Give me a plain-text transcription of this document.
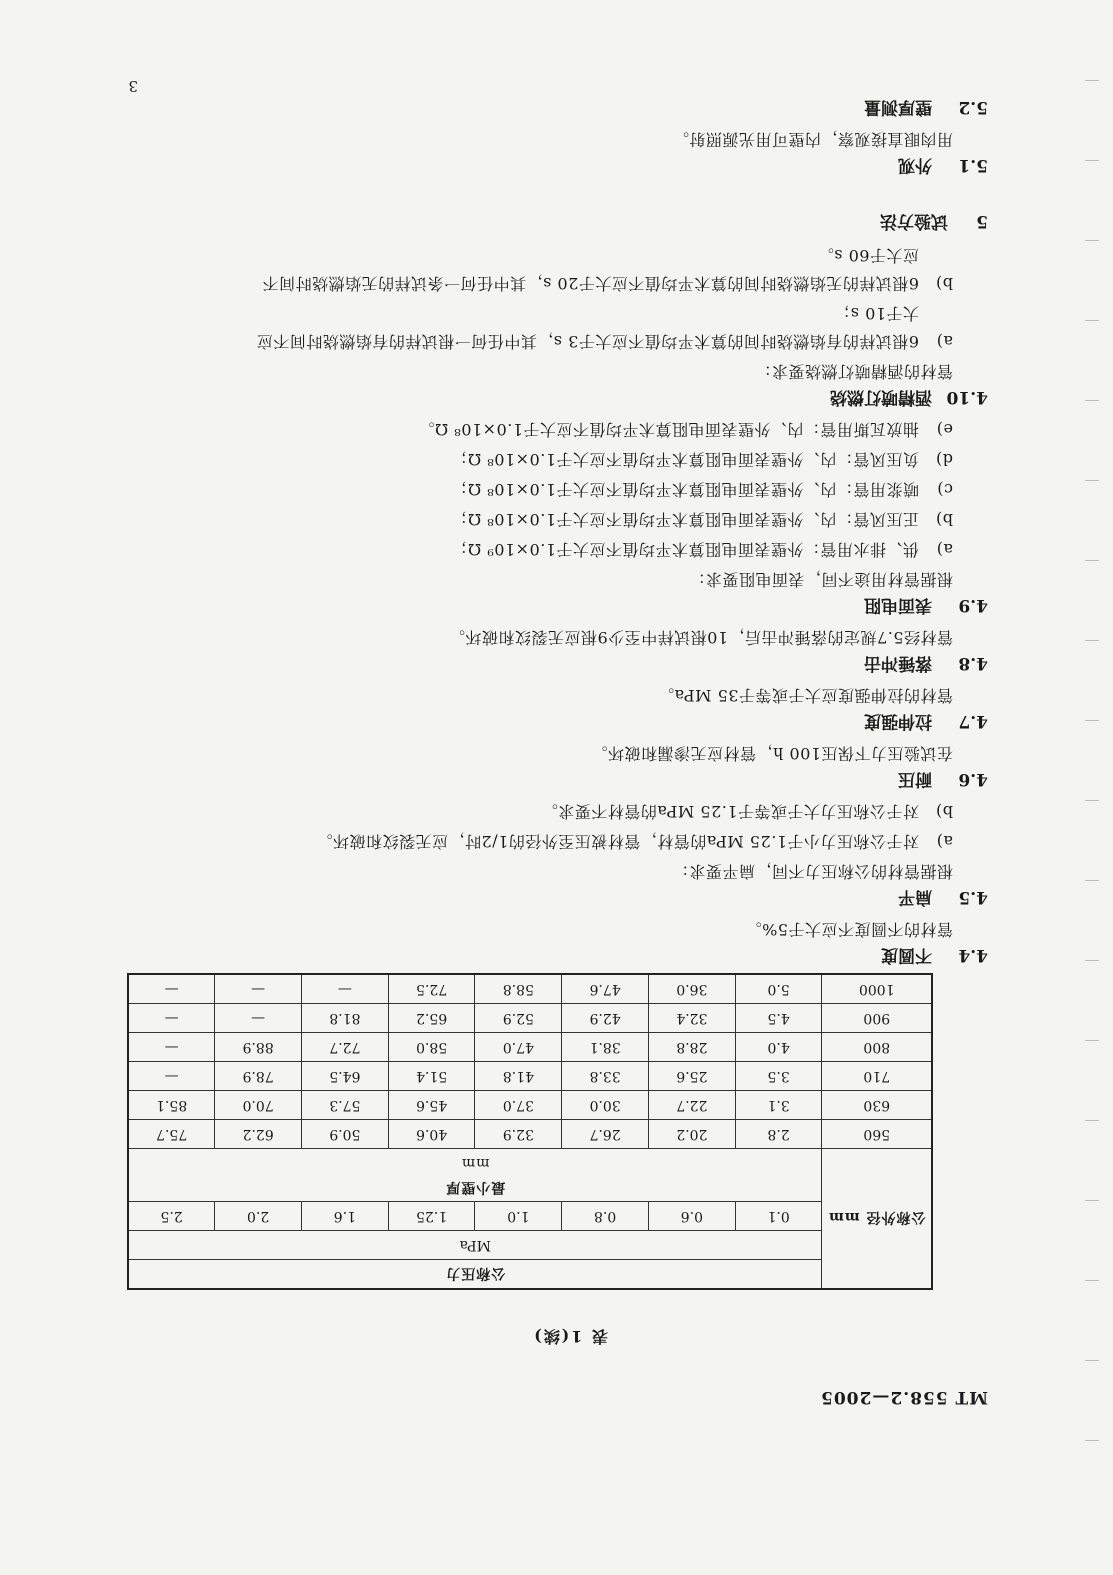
MT 558.2—2005
3
表 1(续)
公称外径 mm	公称压力							
	MPa							
	0.1	0.6	0.8	1.0	1.25	1.6	2.0	2.5
	最小壁厚
mm							
560	2.8	20.2	26.7	32.9	40.6	50.9	62.2	75.7
630	3.1	22.7	30.0	37.0	45.6	57.3	70.0	85.1
710	3.5	25.6	33.8	41.8	51.4	64.5	78.9	—
800	4.0	28.8	38.1	47.0	58.0	72.7	88.9	—
900	4.5	32.4	42.9	52.9	65.2	81.8	—	—
1000	5.0	36.0	47.6	58.8	72.5	—	—	—
4.4不圆度
管材的不圆度不应大于5%。
4.5扁平
根据管材的公称压力不同，扁平要求：
a)对于公称压力小于1.25 MPa的管材，管材被压至外径的1/2时，应无裂纹和破坏。
b)对于公称压力大于或等于1.25 MPa的管材不要求。
4.6耐压
在试验压力下保压100 h，管材应无渗漏和破坏。
4.7拉伸强度
管材的拉伸强度应大于或等于35 MPa。
4.8落锤冲击
管材经5.7规定的落锤冲击后，10根试样中至少9根应无裂纹和破坏。
4.9表面电阻
根据管材用途不同，表面电阻要求：
a)供、排水用管：外壁表面电阻算术平均值不应大于1.0×10⁹ Ω；
b)正压风管：内、外壁表面电阻算术平均值不应大于1.0×10⁸ Ω；
c)喷浆用管：内、外壁表面电阻算术平均值不应大于1.0×10⁸ Ω；
d)负压风管：内、外壁表面电阻算术平均值不应大于1.0×10⁸ Ω；
e)抽放瓦斯用管：内、外壁表面电阻算术平均值不应大于1.0×10⁸ Ω。
4.10酒精喷灯燃烧
管材的酒精喷灯燃烧要求：
a)6根试样的有焰燃烧时间的算术平均值不应大于3 s，其中任何一根试样的有焰燃烧时间不应
大于10 s；
b)6根试样的无焰燃烧时间的算术平均值不应大于20 s，其中任何一条试样的无焰燃烧时间不
应大于60 s。
5试验方法
5.1外观
用肉眼直接观察，内壁可用光源照射。
5.2壁厚测量
